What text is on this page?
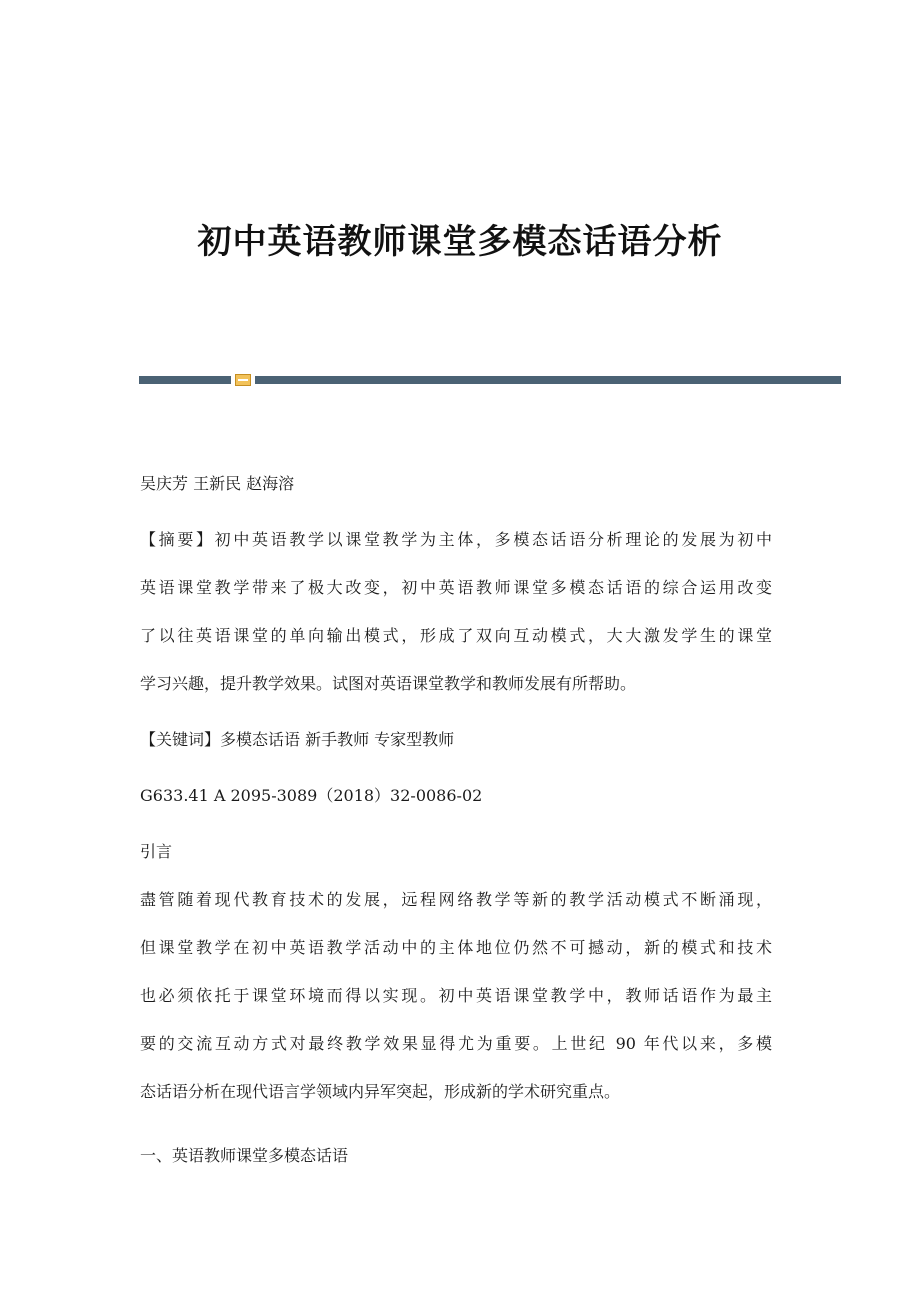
初中英语教师课堂多模态话语分析

吴庆芳 王新民 赵海溶

【摘要】初中英语教学以课堂教学为主体，多模态话语分析理论的发展为初中
英语课堂教学带来了极大改变，初中英语教师课堂多模态话语的综合运用改变
了以往英语课堂的单向输出模式，形成了双向互动模式，大大激发学生的课堂
学习兴趣，提升教学效果。试图对英语课堂教学和教师发展有所帮助。

【关键词】多模态话语 新手教师 专家型教师

G633.41 A 2095-3089（2018）32-0086-02

引言

盡管随着现代教育技术的发展，远程网络教学等新的教学活动模式不断涌现，
但课堂教学在初中英语教学活动中的主体地位仍然不可撼动，新的模式和技术
也必须依托于课堂环境而得以实现。初中英语课堂教学中，教师话语作为最主
要的交流互动方式对最终教学效果显得尤为重要。上世纪 90 年代以来，多模
态话语分析在现代语言学领域内异军突起，形成新的学术研究重点。

一、英语教师课堂多模态话语
